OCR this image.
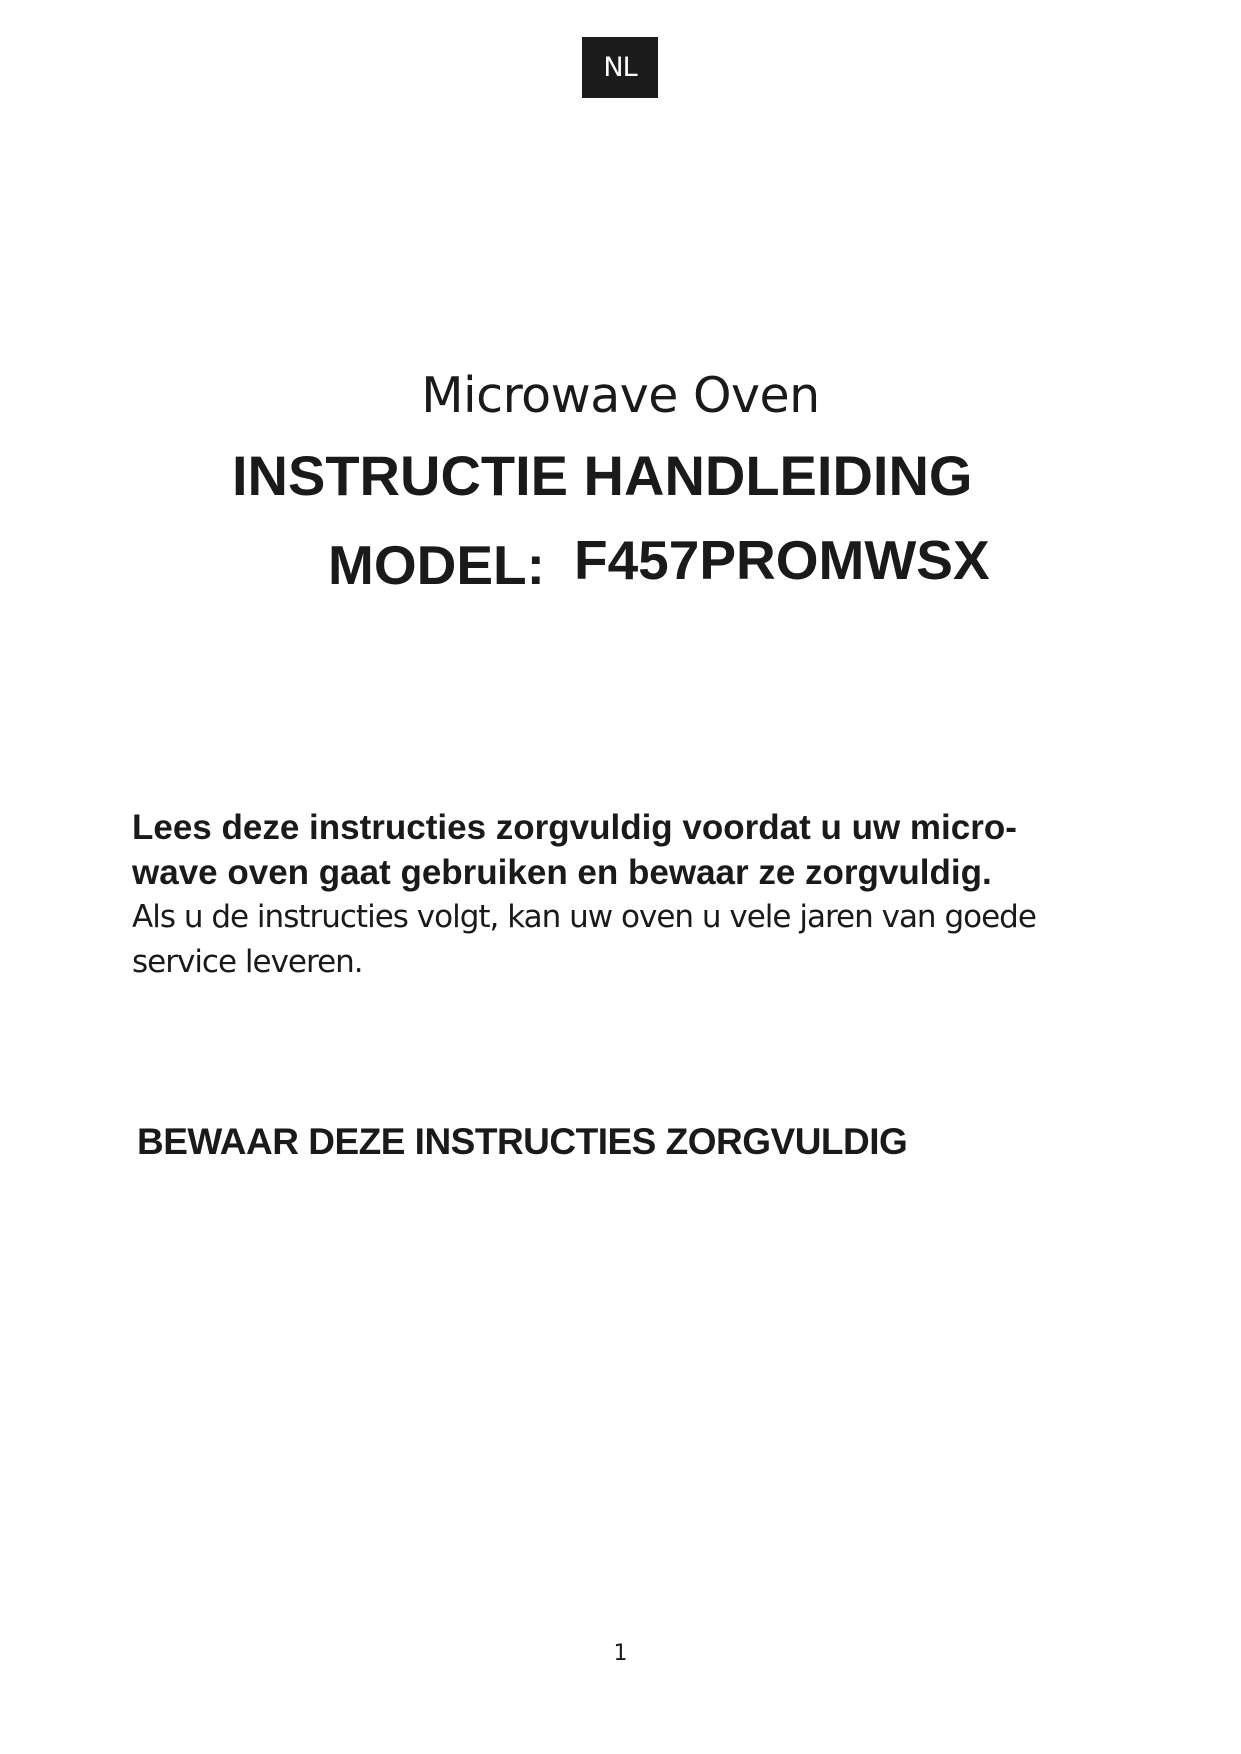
NL
Microwave Oven
INSTRUCTIE HANDLEIDING
MODEL: F457PROMWSX

Lees deze instructies zorgvuldig voordat u uw micro-

wave oven gaat gebruiken en bewaar ze zorgvuldig.

Als u de instructies volgt, kan uw oven u vele jaren van goede

service leveren.

BEWAAR DEZE INSTRUCTIES ZORGVULDIG
1
